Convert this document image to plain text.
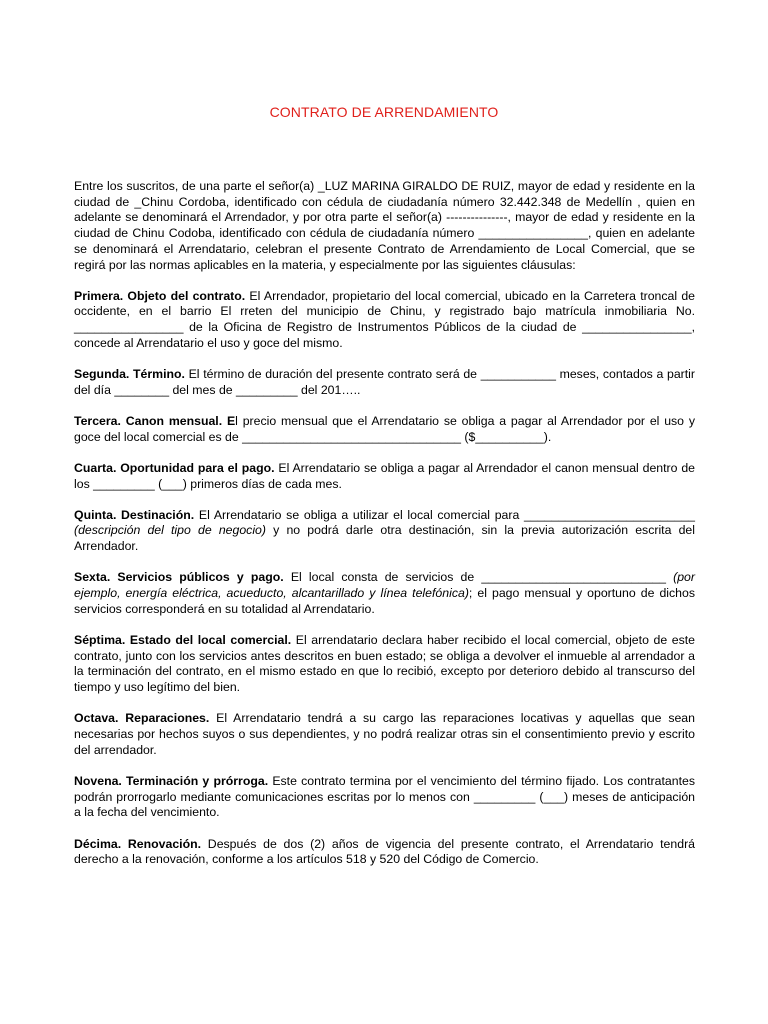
CONTRATO DE ARRENDAMIENTO

Entre los suscritos, de una parte el señor(a) _LUZ MARINA GIRALDO DE RUIZ, mayor de edad y residente en la ciudad de _Chinu Cordoba, identificado con cédula de ciudadanía número 32.442.348 de Medellín , quien en adelante se denominará el Arrendador, y por otra parte el señor(a) ---------------, mayor de edad y residente en la ciudad de Chinu Codoba, identificado con cédula de ciudadanía número ________________, quien en adelante se denominará el Arrendatario, celebran el presente Contrato de Arrendamiento de Local Comercial, que se regirá por las normas aplicables en la materia, y especialmente por las siguientes cláusulas:

Primera. Objeto del contrato. El Arrendador, propietario del local comercial, ubicado en la Carretera troncal de occidente, en el barrio El rreten del municipio de Chinu, y registrado bajo matrícula inmobiliaria No. ________________ de la Oficina de Registro de Instrumentos Públicos de la ciudad de ________________, concede al Arrendatario el uso y goce del mismo.

Segunda. Término. El término de duración del presente contrato será de ___________ meses, contados a partir del día ________ del mes de _________ del 201…..

Tercera. Canon mensual. El precio mensual que el Arrendatario se obliga a pagar al Arrendador por el uso y goce del local comercial es de ________________________________ ($__________).

Cuarta. Oportunidad para el pago. El Arrendatario se obliga a pagar al Arrendador el canon mensual dentro de los _________ (___) primeros días de cada mes.

Quinta. Destinación. El Arrendatario se obliga a utilizar el local comercial para _________________________ (descripción del tipo de negocio) y no podrá darle otra destinación, sin la previa autorización escrita del Arrendador.

Sexta. Servicios públicos y pago. El local consta de servicios de ___________________________ (por ejemplo, energía eléctrica, acueducto, alcantarillado y línea telefónica); el pago mensual y oportuno de dichos servicios corresponderá en su totalidad al Arrendatario.

Séptima. Estado del local comercial. El arrendatario declara haber recibido el local comercial, objeto de este contrato, junto con los servicios antes descritos en buen estado; se obliga a devolver el inmueble al arrendador a la terminación del contrato, en el mismo estado en que lo recibió, excepto por deterioro debido al transcurso del tiempo y uso legítimo del bien.

Octava. Reparaciones. El Arrendatario tendrá a su cargo las reparaciones locativas y aquellas que sean necesarias por hechos suyos o sus dependientes, y no podrá realizar otras sin el consentimiento previo y escrito del arrendador.

Novena. Terminación y prórroga. Este contrato termina por el vencimiento del término fijado. Los contratantes podrán prorrogarlo mediante comunicaciones escritas por lo menos con _________ (___) meses de anticipación a la fecha del vencimiento.

Décima. Renovación. Después de dos (2) años de vigencia del presente contrato, el Arrendatario tendrá derecho a la renovación, conforme a los artículos 518 y 520 del Código de Comercio.
